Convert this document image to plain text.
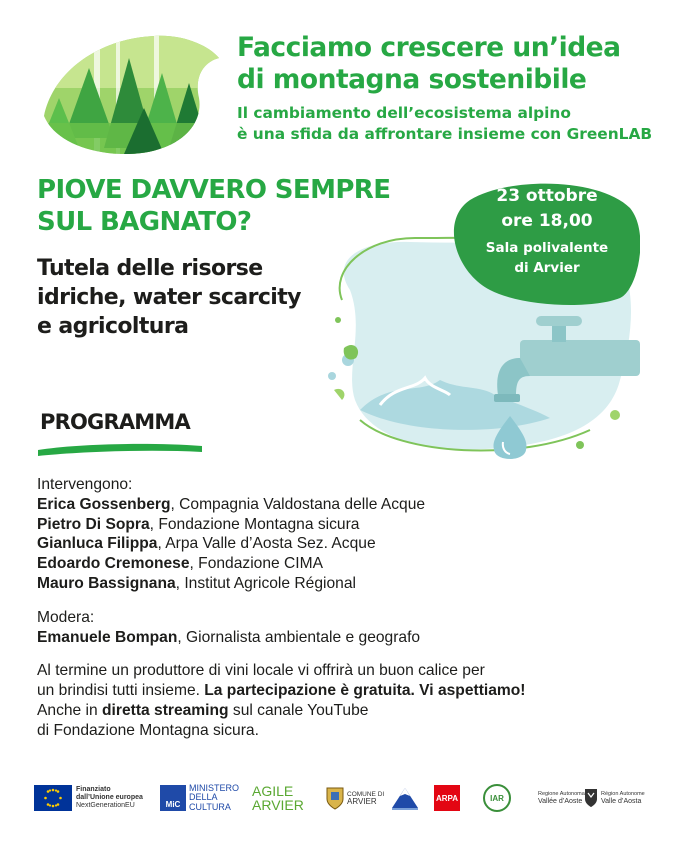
Facciamo crescere un’idea
di montagna sostenibile
Il cambiamento dell’ecosistema alpino
è una sfida da affrontare insieme con GreenLAB
PIOVE DAVVERO SEMPRE
SUL BAGNATO?
Tutela delle risorse
idriche, water scarcity
e agricoltura
23 ottobre
ore 18,00
Sala polivalente
di Arvier
PROGRAMMA

Intervengono:

Erica Gossenberg, Compagnia Valdostana delle Acque

Pietro Di Sopra, Fondazione Montagna sicura

Gianluca Filippa, Arpa Valle d’Aosta Sez. Acque

Edoardo Cremonese, Fondazione CIMA

Mauro Bassignana, Institut Agricole Régional

Modera:

Emanuele Bompan, Giornalista ambientale e geografo

Al termine un produttore di vini locale vi offrirà un buon calice per

un brindisi tutti insieme. La partecipazione è gratuita. Vi aspettiamo!

Anche in diretta streaming sul canale YouTube

di Fondazione Montagna sicura.

Finanziato
dall’Unione europea
NextGenerationEU	MiC
MINISTERO
DELLA
CULTURA
AGILE
ARVIER
COMUNE DI
ARVIER	ARPA	IAR	Regione Autonoma
Vallée d’Aoste
Région Autonome
Valle d’Aosta
